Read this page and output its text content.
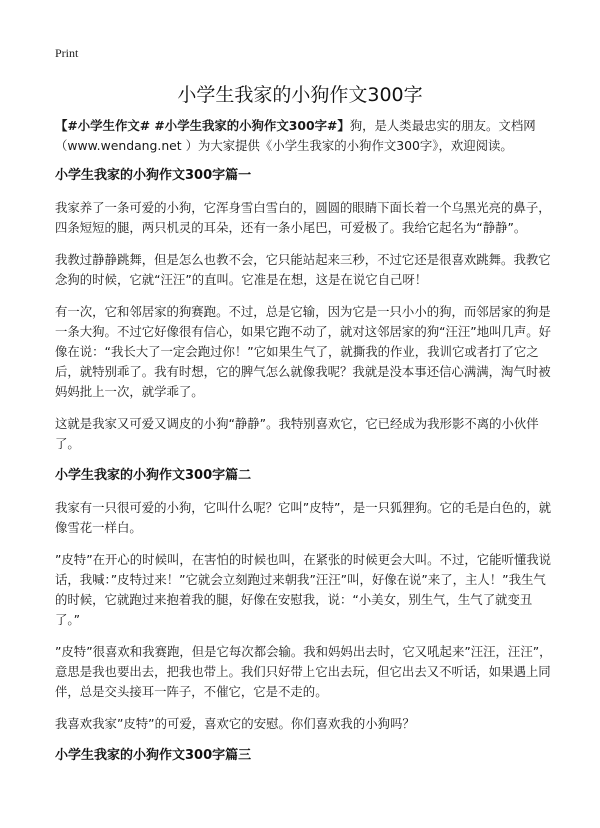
Print
小学生我家的小狗作文300字

【#小学生作文# #小学生我家的小狗作文300字#】狗，是人类最忠实的朋友。文档网（www.wendang.net ）为大家提供《小学生我家的小狗作文300字》，欢迎阅读。

小学生我家的小狗作文300字篇一

我家养了一条可爱的小狗，它浑身雪白雪白的，圆圆的眼睛下面长着一个乌黑光亮的鼻子，四条短短的腿，两只机灵的耳朵，还有一条小尾巴，可爱极了。我给它起名为“静静”。

我教过静静跳舞，但是怎么也教不会，它只能站起来三秒，不过它还是很喜欢跳舞。我教它念狗的时候，它就“汪汪”的直叫。它准是在想，这是在说它自己呀！

有一次，它和邻居家的狗赛跑。不过，总是它输，因为它是一只小小的狗，而邻居家的狗是一条大狗。不过它好像很有信心，如果它跑不动了，就对这邻居家的狗“汪汪”地叫几声。好像在说：“我长大了一定会跑过你！”它如果生气了，就撕我的作业，我训它或者打了它之后，就特别乖了。我有时想，它的脾气怎么就像我呢？我就是没本事还信心满满，淘气时被妈妈批上一次，就学乖了。

这就是我家又可爱又调皮的小狗“静静”。我特别喜欢它，它已经成为我形影不离的小伙伴了。

小学生我家的小狗作文300字篇二

我家有一只很可爱的小狗，它叫什么呢？它叫”皮特”，是一只狐狸狗。它的毛是白色的，就像雪花一样白。

”皮特”在开心的时候叫，在害怕的时候也叫，在紧张的时候更会大叫。不过，它能听懂我说话，我喊：”皮特过来！”它就会立刻跑过来朝我”汪汪”叫，好像在说”来了，主人！”我生气的时候，它就跑过来抱着我的腿，好像在安慰我，说：“小美女，别生气，生气了就变丑了。”

”皮特”很喜欢和我赛跑，但是它每次都会输。我和妈妈出去时，它又吼起来”汪汪，汪汪”，意思是我也要出去，把我也带上。我们只好带上它出去玩，但它出去又不听话，如果遇上同伴，总是交头接耳一阵子，不催它，它是不走的。

我喜欢我家”皮特”的可爱，喜欢它的安慰。你们喜欢我的小狗吗？

小学生我家的小狗作文300字篇三
